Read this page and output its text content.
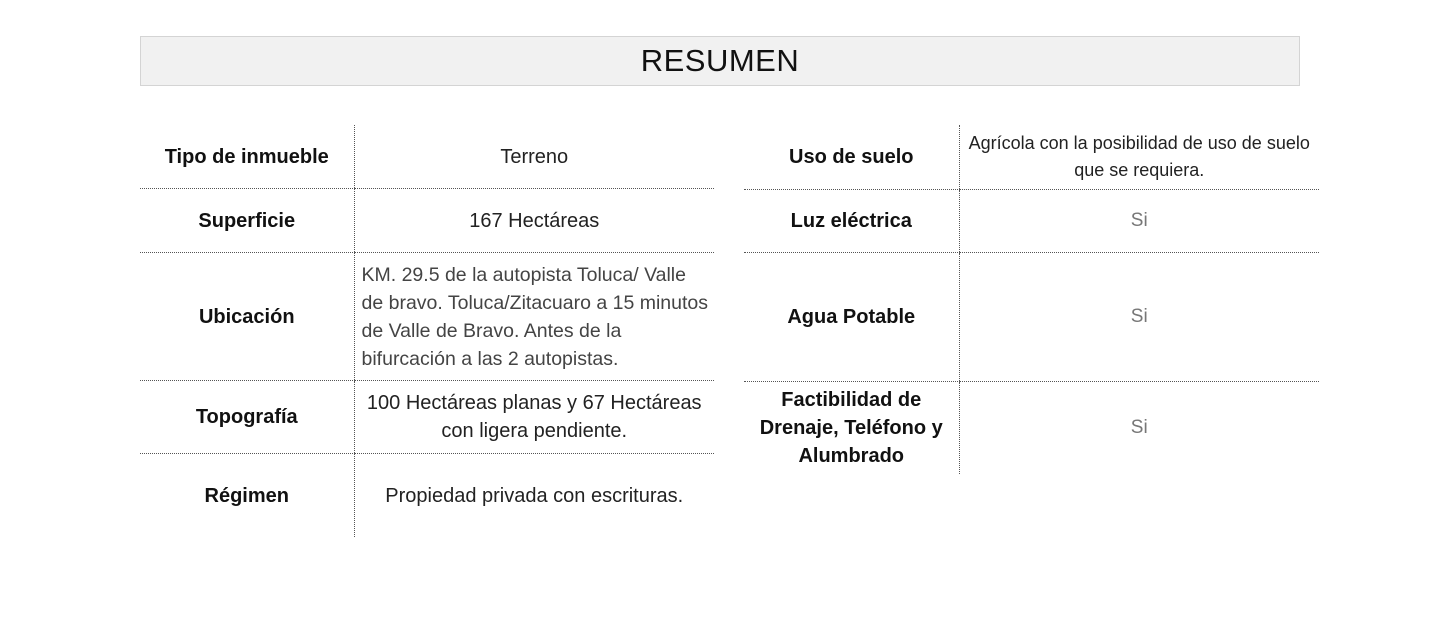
RESUMEN
Tipo de inmueble	Terreno
Superficie	167 Hectáreas
Ubicación	KM. 29.5 de la autopista Toluca/ Valle de bravo. Toluca/Zitacuaro a 15 minutos de Valle de Bravo. Antes de la bifurcación a las 2 autopistas.
Topografía	100 Hectáreas planas y 67 Hectáreas con ligera pendiente.
Régimen	Propiedad privada con escrituras.
Uso de suelo	Agrícola con la posibilidad de uso de suelo que se requiera.
Luz eléctrica	Si
Agua Potable	Si
Factibilidad de Drenaje, Teléfono y Alumbrado	Si
